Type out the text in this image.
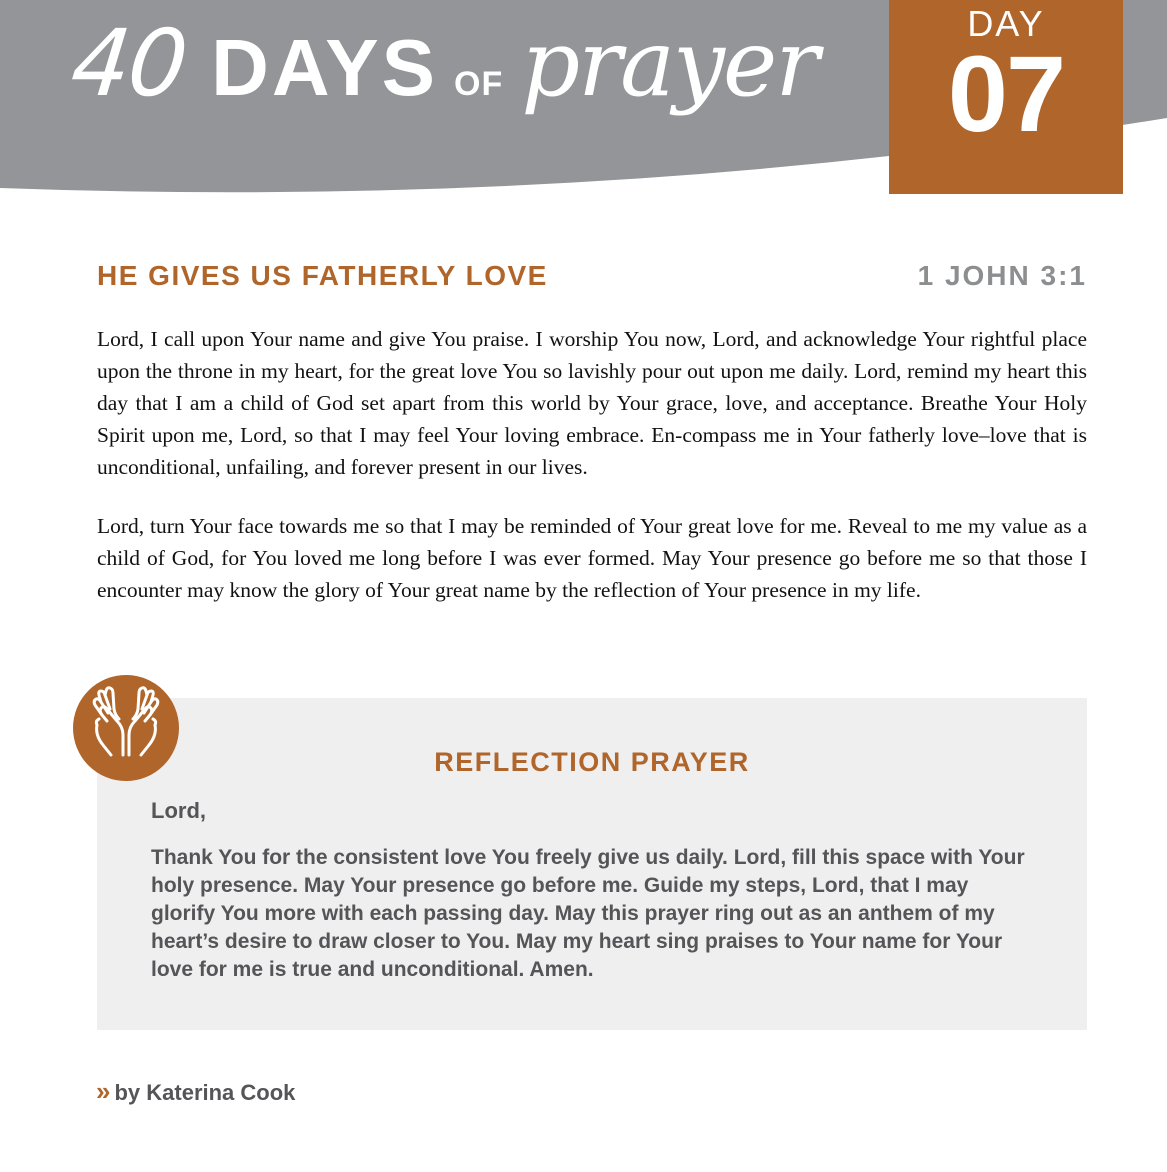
40 DAYS OF prayer	DAY
07
HE GIVES US FATHERLY LOVE	1 JOHN 3:1

Lord, I call upon Your name and give You praise. I worship You now, Lord, and acknowledge Your rightful place upon the throne in my heart, for the great love You so lavishly pour out upon me daily. Lord, remind my heart this day that I am a child of God set apart from this world by Your grace, love, and acceptance. Breathe Your Holy Spirit upon me, Lord, so that I may feel Your loving embrace. En-compass me in Your fatherly love–love that is unconditional, unfailing, and forever present in our lives.

Lord, turn Your face towards me so that I may be reminded of Your great love for me. Reveal to me my value as a child of God, for You loved me long before I was ever formed. May Your presence go before me so that those I encounter may know the glory of Your great name by the reflection of Your presence in my life.

REFLECTION PRAYER
Lord,

Thank You for the consistent love You freely give us daily. Lord, fill this space with Your holy presence. May Your presence go before me. Guide my steps, Lord, that I may glorify You more with each passing day. May this prayer ring out as an anthem of my heart’s desire to draw closer to You. May my heart sing praises to Your name for Your love for me is true and unconditional. Amen.

» by Katerina Cook
